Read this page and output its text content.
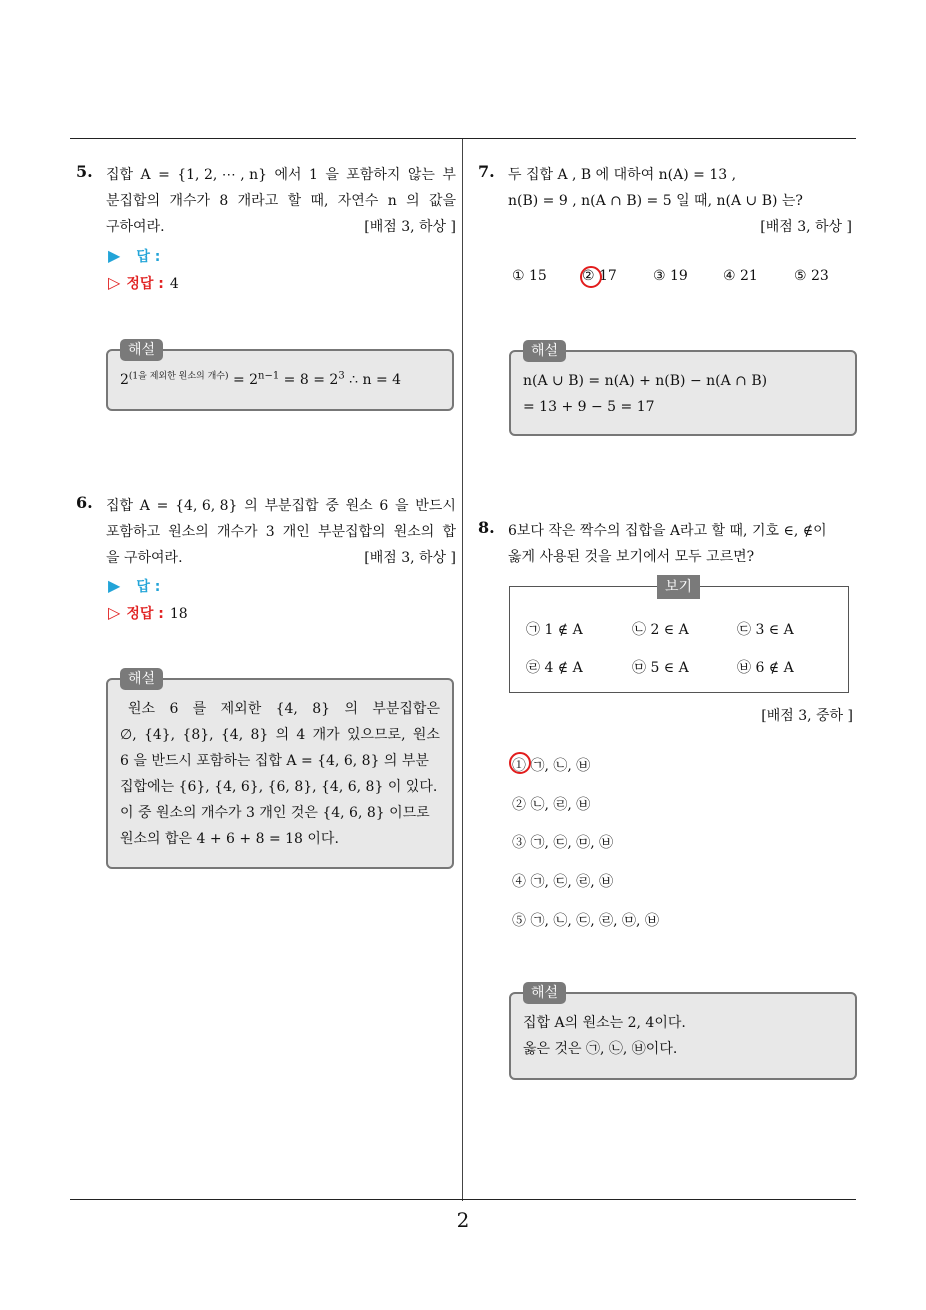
5. 집합 A = {1, 2, ⋯ , n} 에서 1 을 포함하지 않는 부
분집합의 개수가 8 개라고 할 때, 자연수 n 의 값을
구하여라.	[배점 3, 하상 ]
▶ 답 :
▷ 정답 : 4
해설
$2^{(1을 제외한 원소의 개수)} = 2^{n-1} = 8 = 2^3$ ∴ n = 4
6. 집합 A = {4, 6, 8} 의 부분집합 중 원소 6 을 반드시
포함하고 원소의 개수가 3 개인 부분집합의 원소의 합
을 구하여라.	[배점 3, 하상 ]
▶ 답 :
▷ 정답 : 18
해설
원소 6 를 제외한 {4, 8} 의 부분집합은
∅, {4}, {8}, {4, 8} 의 4 개가 있으므로, 원소
6 을 반드시 포함하는 집합 A = {4, 6, 8} 의 부분
집합에는 {6}, {4, 6}, {6, 8}, {4, 6, 8} 이 있다.
이 중 원소의 개수가 3 개인 것은 {4, 6, 8} 이므로
원소의 합은 4 + 6 + 8 = 18 이다.
7. 두 집합 A , B 에 대하여 n(A) = 13 ,
n(B) = 9 , n(A ∩ B) = 5 일 때, n(A ∪ B) 는?
[배점 3, 하상 ]
① 15	② 17	③ 19	④ 21	⑤ 23
해설
n(A ∪ B) = n(A) + n(B) − n(A ∩ B)
= 13 + 9 − 5 = 17
8. 6보다 작은 짝수의 집합을 A라고 할 때, 기호 ∈, ∉이
옳게 사용된 것을 보기에서 모두 고르면?
보기
㉠ 1 ∉ A	㉡ 2 ∈ A	㉢ 3 ∈ A
㉣ 4 ∉ A	㉤ 5 ∈ A	㉥ 6 ∉ A
[배점 3, 중하 ]
① ㉠, ㉡, ㉥
② ㉡, ㉣, ㉥
③ ㉠, ㉢, ㉤, ㉥
④ ㉠, ㉢, ㉣, ㉥
⑤ ㉠, ㉡, ㉢, ㉣, ㉤, ㉥
해설
집합 A의 원소는 2, 4이다.
옳은 것은 ㉠, ㉡, ㉥이다.
2
